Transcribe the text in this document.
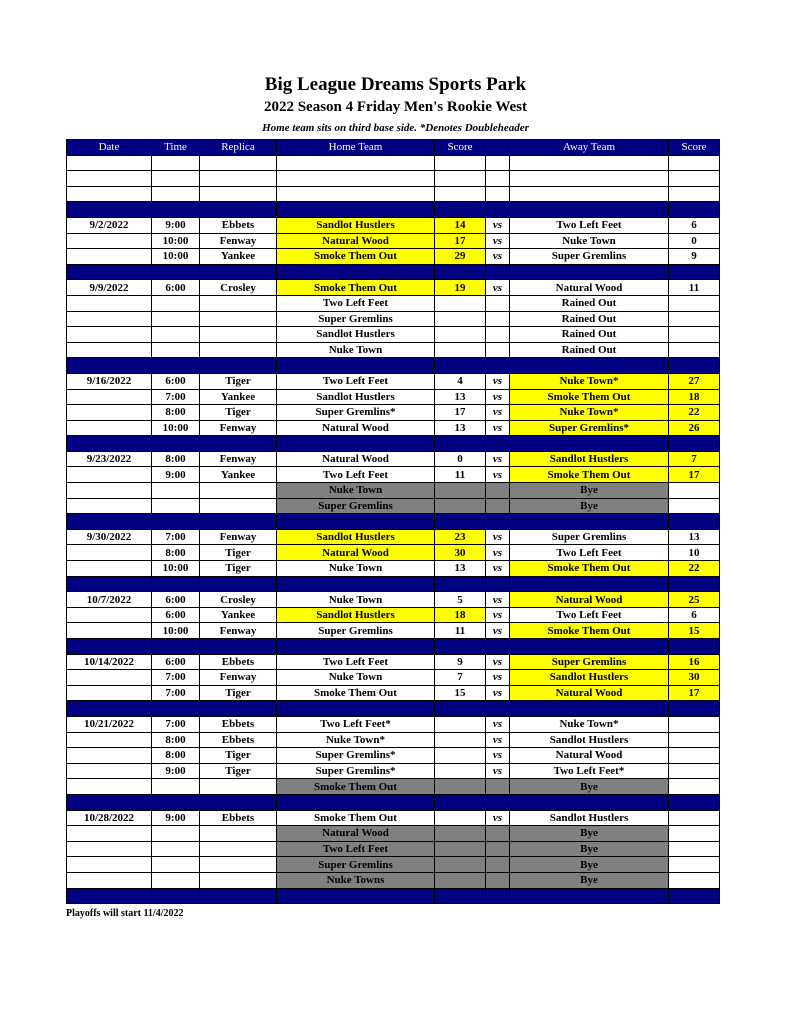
Big League Dreams Sports Park
2022 Season 4 Friday Men's Rookie West
Home team sits on third base side. *Denotes Doubleheader
Date	Time	Replica	Home Team	Score		Away Team	Score

9/2/2022	9:00	Ebbets	Sandlot Hustlers	14	vs	Two Left Feet	6
	10:00	Fenway	Natural Wood	17	vs	Nuke Town	0
	10:00	Yankee	Smoke Them Out	29	vs	Super Gremlins	9

9/9/2022	6:00	Crosley	Smoke Them Out	19	vs	Natural Wood	11
			Two Left Feet			Rained Out	
			Super Gremlins			Rained Out	
			Sandlot Hustlers			Rained Out	
			Nuke Town			Rained Out	

9/16/2022	6:00	Tiger	Two Left Feet	4	vs	Nuke Town*	27
	7:00	Yankee	Sandlot Hustlers	13	vs	Smoke Them Out	18
	8:00	Tiger	Super Gremlins*	17	vs	Nuke Town*	22
	10:00	Fenway	Natural Wood	13	vs	Super Gremlins*	26

9/23/2022	8:00	Fenway	Natural Wood	0	vs	Sandlot Hustlers	7
	9:00	Yankee	Two Left Feet	11	vs	Smoke Them Out	17
			Nuke Town			Bye	
			Super Gremlins			Bye	

9/30/2022	7:00	Fenway	Sandlot Hustlers	23	vs	Super Gremlins	13
	8:00	Tiger	Natural Wood	30	vs	Two Left Feet	10
	10:00	Tiger	Nuke Town	13	vs	Smoke Them Out	22

10/7/2022	6:00	Crosley	Nuke Town	5	vs	Natural Wood	25
	6:00	Yankee	Sandlot Hustlers	18	vs	Two Left Feet	6
	10:00	Fenway	Super Gremlins	11	vs	Smoke Them Out	15

10/14/2022	6:00	Ebbets	Two Left Feet	9	vs	Super Gremlins	16
	7:00	Fenway	Nuke Town	7	vs	Sandlot Hustlers	30
	7:00	Tiger	Smoke Them Out	15	vs	Natural Wood	17

10/21/2022	7:00	Ebbets	Two Left Feet*		vs	Nuke Town*	
	8:00	Ebbets	Nuke Town*		vs	Sandlot Hustlers	
	8:00	Tiger	Super Gremlins*		vs	Natural Wood	
	9:00	Tiger	Super Gremlins*		vs	Two Left Feet*	
			Smoke Them Out			Bye	

10/28/2022	9:00	Ebbets	Smoke Them Out		vs	Sandlot Hustlers	
			Natural Wood			Bye	
			Two Left Feet			Bye	
			Super Gremlins			Bye	
			Nuke Towns			Bye	

Playoffs will start 11/4/2022
